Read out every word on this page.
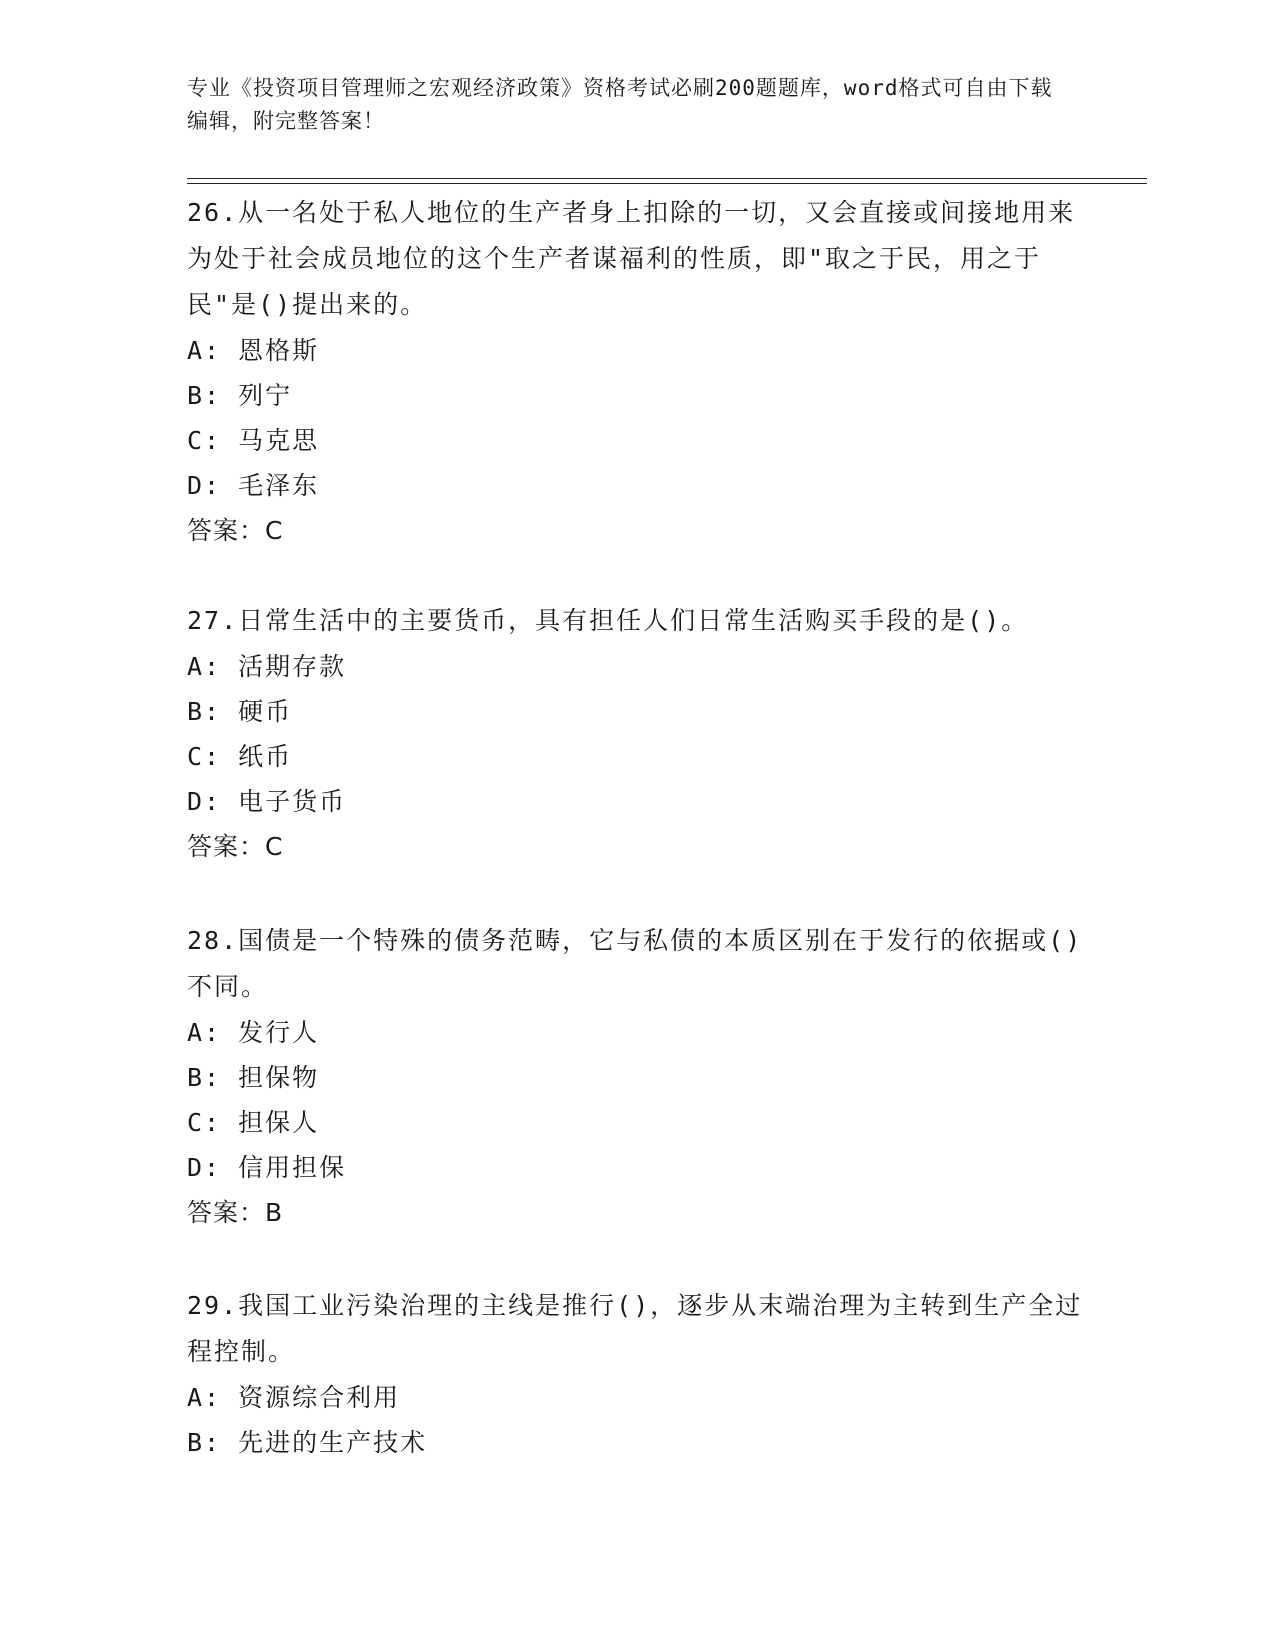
专业《投资项目管理师之宏观经济政策》资格考试必刷200题题库，word格式可自由下载编辑，附完整答案！

26.从一名处于私人地位的生产者身上扣除的一切，又会直接或间接地用来为处于社会成员地位的这个生产者谋福利的性质，即"取之于民，用之于民"是()提出来的。

A: 恩格斯

B: 列宁

C: 马克思

D: 毛泽东

答案：C

27.日常生活中的主要货币，具有担任人们日常生活购买手段的是()。

A: 活期存款

B: 硬币

C: 纸币

D: 电子货币

答案：C

28.国债是一个特殊的债务范畴，它与私债的本质区别在于发行的依据或()不同。

A: 发行人

B: 担保物

C: 担保人

D: 信用担保

答案：B

29.我国工业污染治理的主线是推行()，逐步从末端治理为主转到生产全过程控制。

A: 资源综合利用

B: 先进的生产技术
